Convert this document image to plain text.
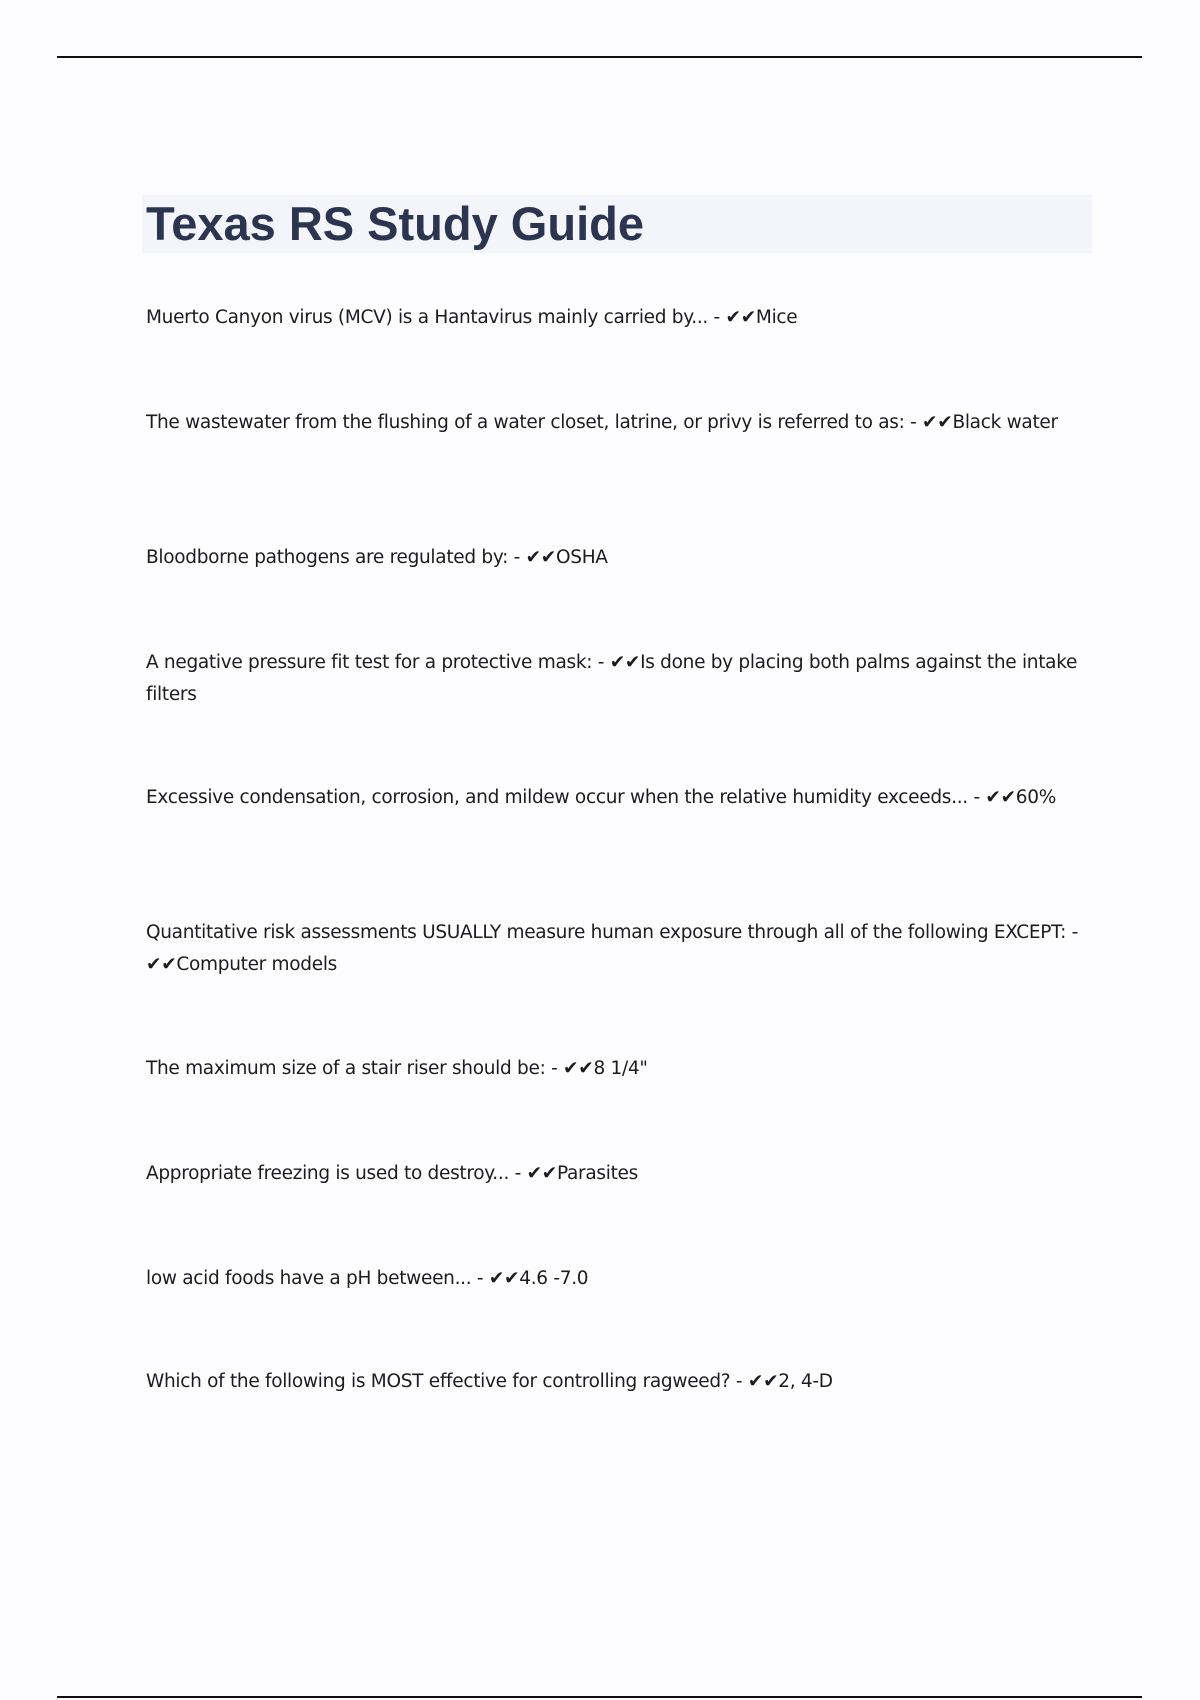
Texas RS Study Guide

Muerto Canyon virus (MCV) is a Hantavirus mainly carried by... - ✔✔Mice

The wastewater from the flushing of a water closet, latrine, or privy is referred to as: - ✔✔Black water

Bloodborne pathogens are regulated by: - ✔✔OSHA

A negative pressure fit test for a protective mask: - ✔✔Is done by placing both palms against the intake filters

Excessive condensation, corrosion, and mildew occur when the relative humidity exceeds... - ✔✔60%

Quantitative risk assessments USUALLY measure human exposure through all of the following EXCEPT: - ✔✔Computer models

The maximum size of a stair riser should be: - ✔✔8 1/4"

Appropriate freezing is used to destroy... - ✔✔Parasites

low acid foods have a pH between... - ✔✔4.6 -7.0

Which of the following is MOST effective for controlling ragweed? - ✔✔2, 4-D
